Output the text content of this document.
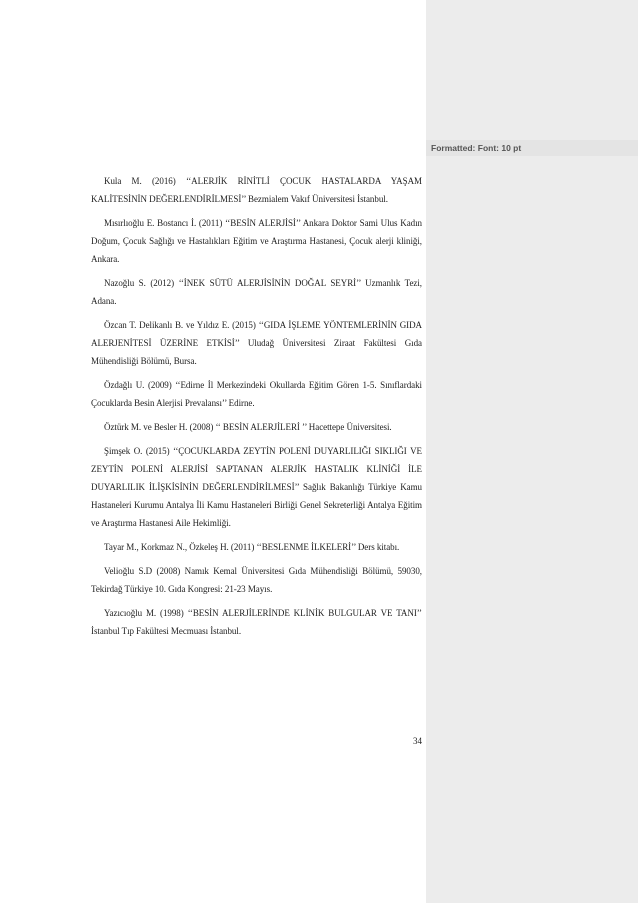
Formatted: Font: 10 pt

Kula M. (2016) ‘‘ALERJİK RİNİTLİ ÇOCUK HASTALARDA YAŞAM KALİTESİNİN DEĞERLENDİRİLMESİ’’ Bezmialem Vakıf Üniversitesi İstanbul.

Mısırlıoğlu E. Bostancı İ. (2011) ‘‘BESİN ALERJİSİ’’ Ankara Doktor Sami Ulus Kadın Doğum, Çocuk Sağlığı ve Hastalıkları Eğitim ve Araştırma Hastanesi, Çocuk alerji kliniği, Ankara.

Nazoğlu S. (2012) ‘‘İNEK SÜTÜ ALERJİSİNİN DOĞAL SEYRİ’’ Uzmanlık Tezi, Adana.

Özcan T. Delikanlı B. ve Yıldız E. (2015) ‘‘GIDA İŞLEME YÖNTEMLERİNİN GIDA ALERJENİTESİ ÜZERİNE ETKİSİ’’ Uludağ Üniversitesi Ziraat Fakültesi Gıda Mühendisliği Bölümü, Bursa.

Özdağlı U. (2009) ‘‘Edirne İl Merkezindeki Okullarda Eğitim Gören 1-5. Sınıflardaki Çocuklarda Besin Alerjisi Prevalansı’’ Edirne.

Öztürk M. ve Besler H. (2008) ‘‘ BESİN ALERJİLERİ ’’ Hacettepe Üniversitesi.

Şimşek O. (2015) ‘‘ÇOCUKLARDA ZEYTİN POLENİ DUYARLILIĞI SIKLIĞI VE ZEYTİN POLENİ ALERJİSİ SAPTANAN ALERJİK HASTALIK KLİNİĞİ İLE DUYARLILIK İLİŞKİSİNİN DEĞERLENDİRİLMESİ’’ Sağlık Bakanlığı Türkiye Kamu Hastaneleri Kurumu Antalya İli Kamu Hastaneleri Birliği Genel Sekreterliği Antalya Eğitim ve Araştırma Hastanesi Aile Hekimliği.

Tayar M., Korkmaz N., Özkeleş H. (2011) ‘‘BESLENME İLKELERİ’’ Ders kitabı.

Velioğlu S.D (2008) Namık Kemal Üniversitesi Gıda Mühendisliği Bölümü, 59030, Tekirdağ Türkiye 10. Gıda Kongresi: 21-23 Mayıs.

Yazıcıoğlu M. (1998) ‘‘BESİN ALERJİLERİNDE KLİNİK BULGULAR VE TANI’’ İstanbul Tıp Fakültesi Mecmuası İstanbul.

34
